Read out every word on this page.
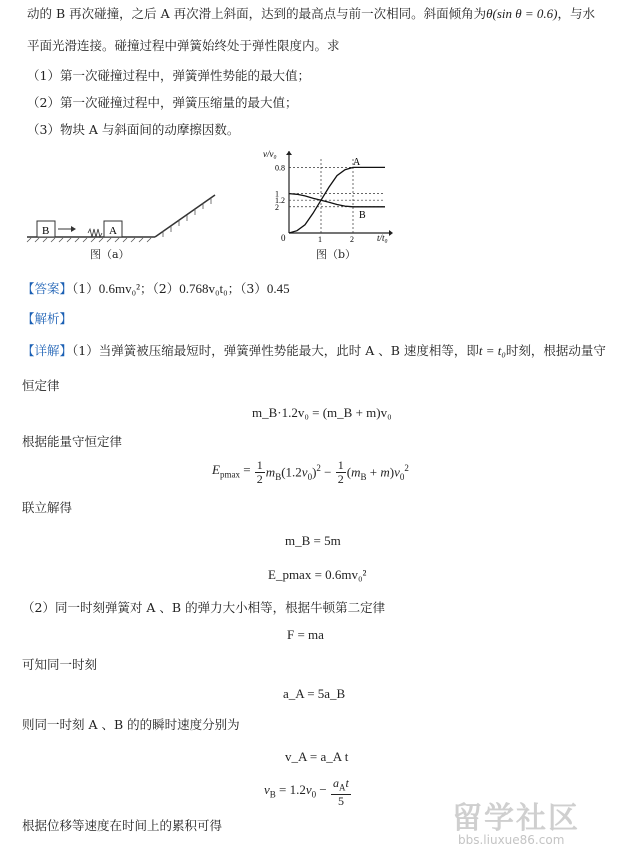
动的 B 再次碰撞，之后 A 再次滑上斜面，达到的最高点与前一次相同。斜面倾角为θ(sin θ = 0.6)，与水
平面光滑连接。碰撞过程中弹簧始终处于弹性限度内。求
（1）第一次碰撞过程中，弹簧弹性势能的最大值；
（2）第一次碰撞过程中，弹簧压缩量的最大值；
（3）物块 A 与斜面间的动摩擦因数。
B	A
图（a）
v/v₀
t/t₀
0
2
1.2
1
0.8
1	2
A
B
图（b）
【答案】（1）0.6mv₀²；（2）0.768v₀t₀；（3）0.45
【解析】
【详解】（1）当弹簧被压缩最短时，弹簧弹性势能最大，此时 A 、B 速度相等，即t = t₀时刻，根据动量守
恒定律
m_B·1.2v₀ = (m_B + m)v₀
根据能量守恒定律
$E_{pmax} = \frac{1}{2} m_B(1.2v_0)^2 - \frac{1}{2} (m_B + m)v_0^2$
联立解得
m_B = 5m
E_pmax = 0.6mv₀²
（2）同一时刻弹簧对 A 、B 的弹力大小相等，根据牛顿第二定律
F = ma
可知同一时刻
a_A = 5a_B
则同一时刻 A 、B 的的瞬时速度分别为
v_A = a_A t
$v_B = 1.2v_0 - \frac{a_At}{5}$
根据位移等速度在时间上的累积可得	留学社区
bbs.liuxue86.com
